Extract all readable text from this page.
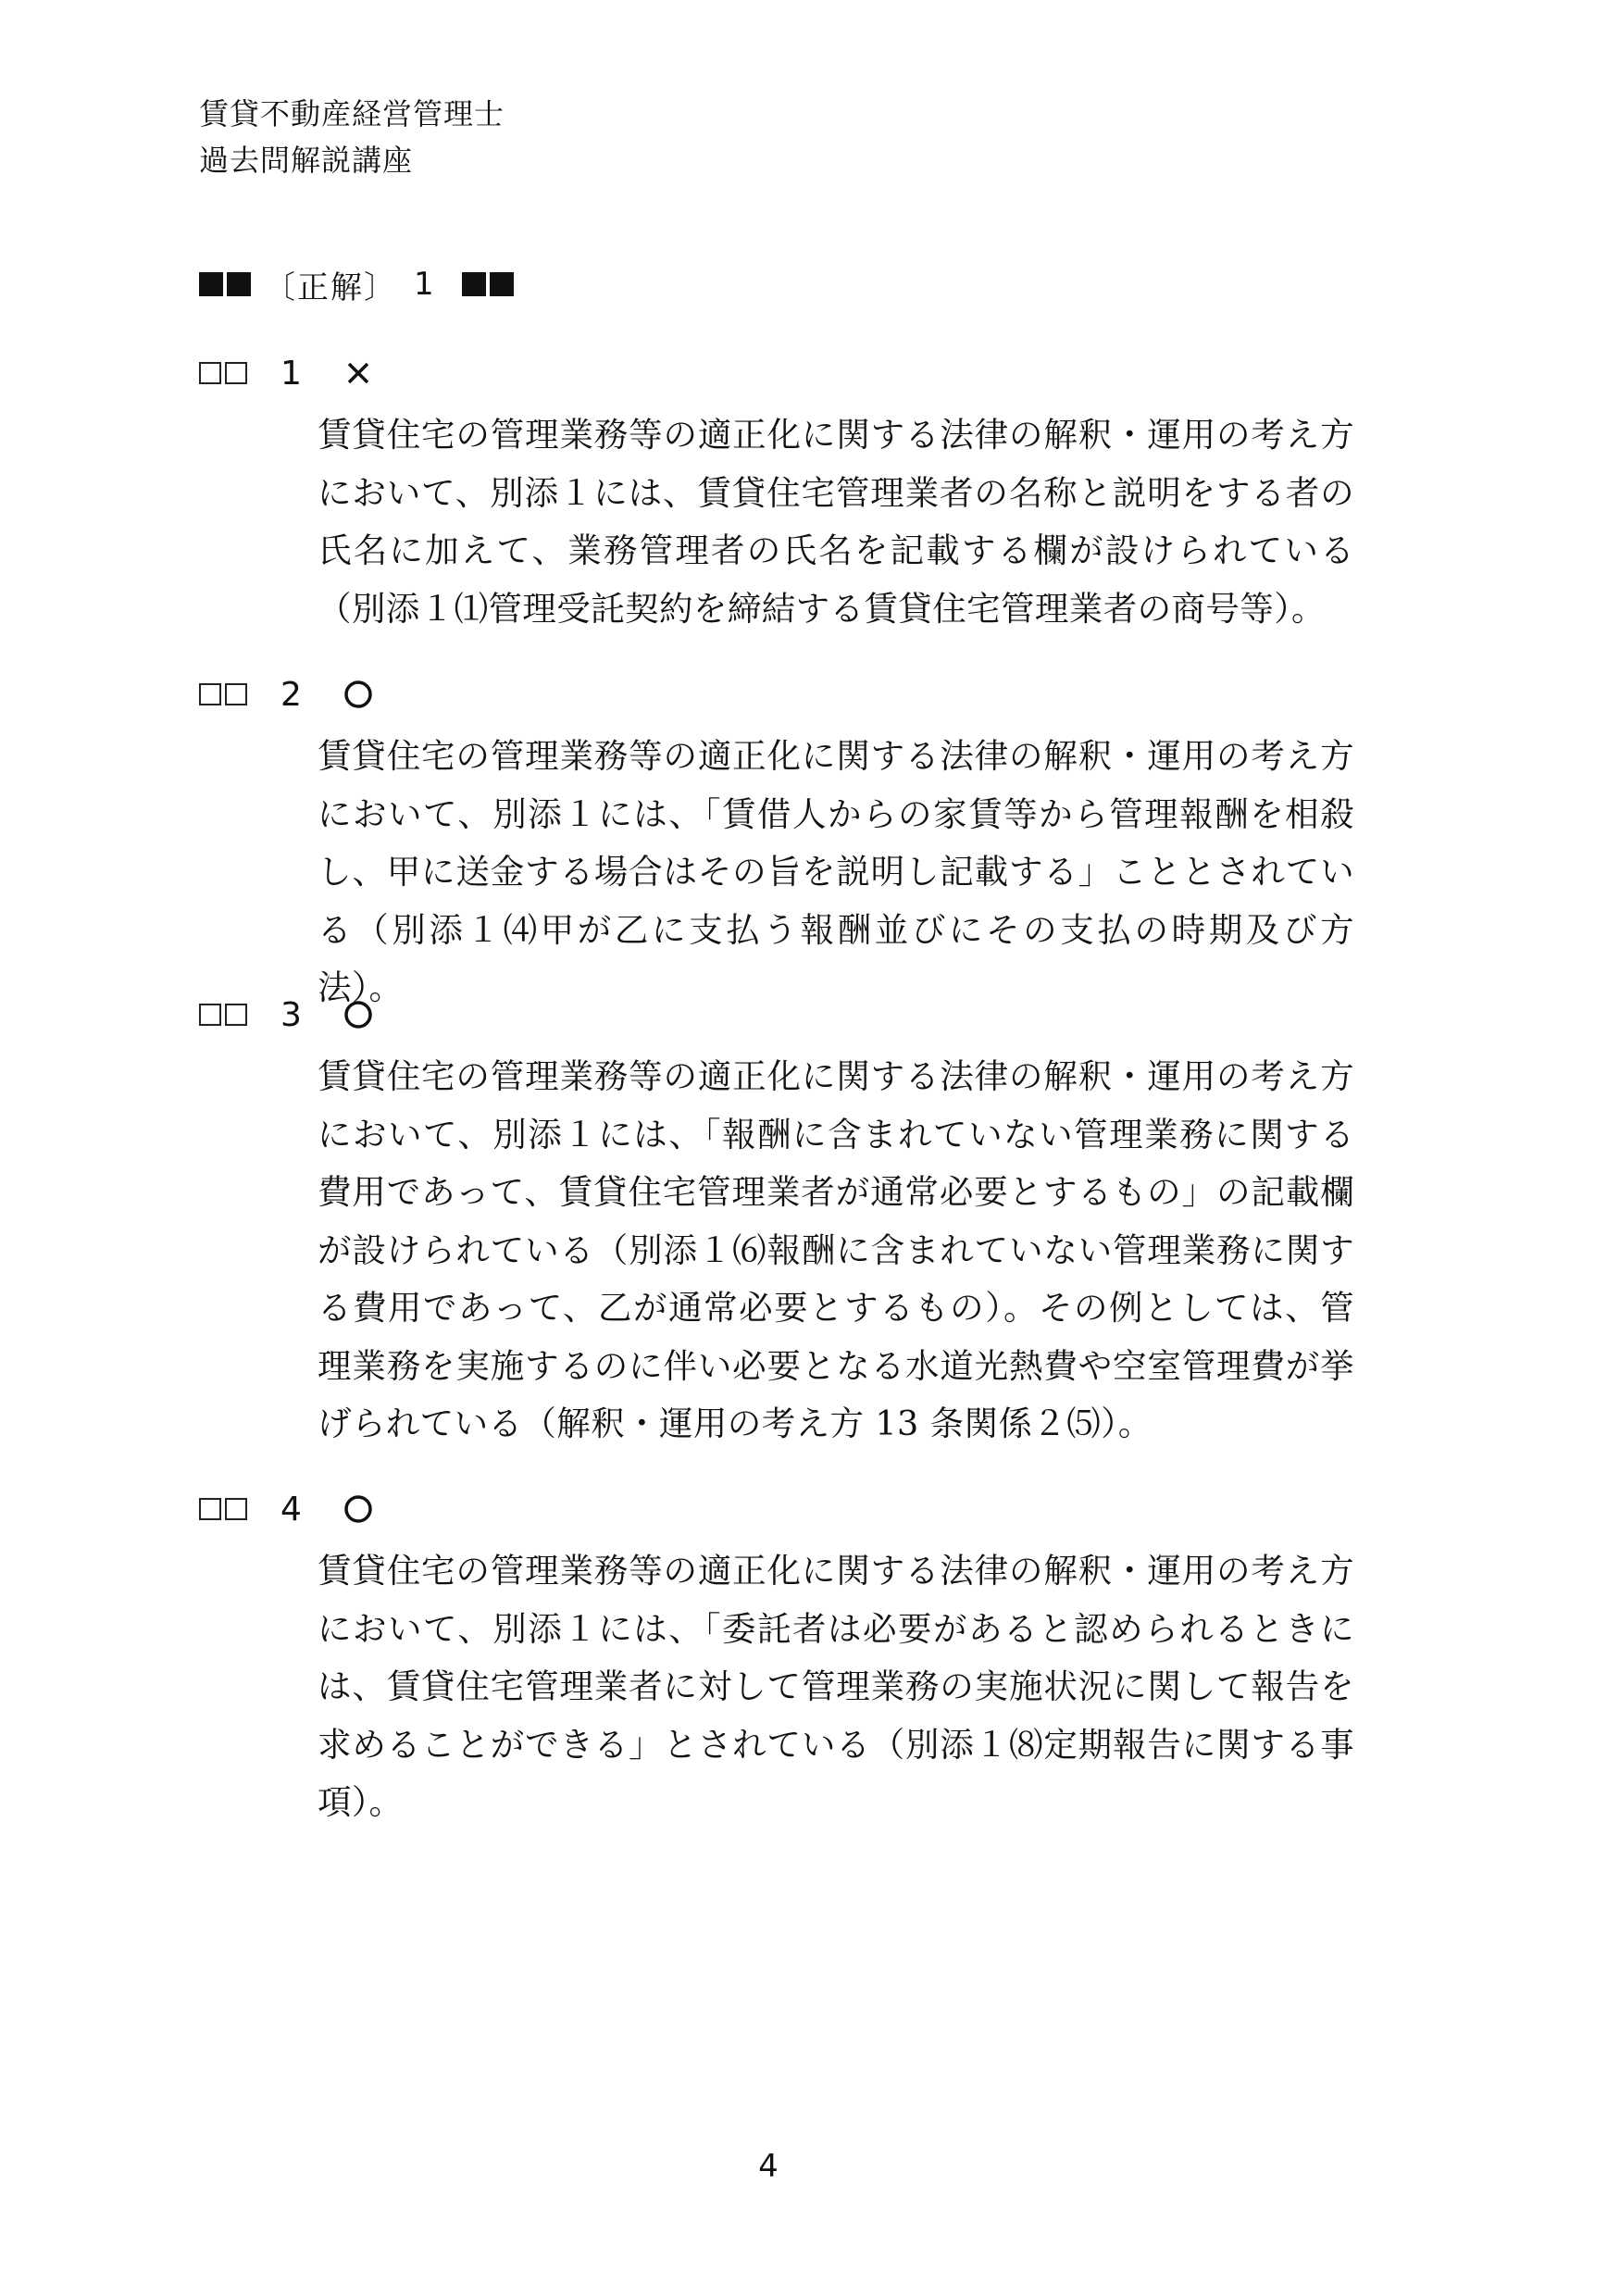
賃貸不動産経営管理士
過去問解説講座
〔正解〕 1
1
賃貸住宅の管理業務等の適正化に関する法律の解釈・運用の考え方において、別添１には、賃貸住宅管理業者の名称と説明をする者の氏名に加えて、業務管理者の氏名を記載する欄が設けられている（別添１⑴管理受託契約を締結する賃貸住宅管理業者の商号等）。
2
賃貸住宅の管理業務等の適正化に関する法律の解釈・運用の考え方において、別添１には、「賃借人からの家賃等から管理報酬を相殺し、甲に送金する場合はその旨を説明し記載する」こととされている（別添１⑷甲が乙に支払う報酬並びにその支払の時期及び方法）。
3
賃貸住宅の管理業務等の適正化に関する法律の解釈・運用の考え方において、別添１には、「報酬に含まれていない管理業務に関する費用であって、賃貸住宅管理業者が通常必要とするもの」の記載欄が設けられている（別添１⑹報酬に含まれていない管理業務に関する費用であって、乙が通常必要とするもの）。その例としては、管理業務を実施するのに伴い必要となる水道光熱費や空室管理費が挙げられている（解釈・運用の考え方 13 条関係２⑸）。
4
賃貸住宅の管理業務等の適正化に関する法律の解釈・運用の考え方において、別添１には、「委託者は必要があると認められるときには、賃貸住宅管理業者に対して管理業務の実施状況に関して報告を求めることができる」とされている（別添１⑻定期報告に関する事項）。
4
